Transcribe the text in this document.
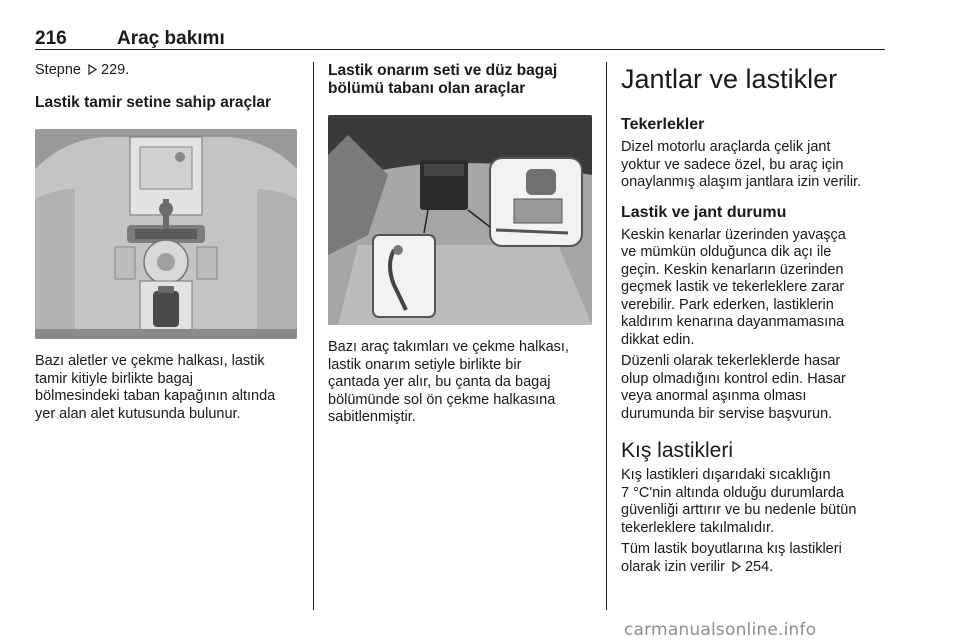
216	Araç bakımı
Stepne 229.
Lastik tamir setine sahip araçlar
Bazı aletler ve çekme halkası, lastik
tamir kitiyle birlikte bagaj
bölmesindeki taban kapağının altında
yer alan alet kutusunda bulunur.
Lastik onarım seti ve düz bagaj
bölümü tabanı olan araçlar
Bazı araç takımları ve çekme halkası,
lastik onarım setiyle birlikte bir
çantada yer alır, bu çanta da bagaj
bölümünde sol ön çekme halkasına
sabitlenmiştir.
Jantlar ve lastikler
Tekerlekler
Dizel motorlu araçlarda çelik jant
yoktur ve sadece özel, bu araç için
onaylanmış alaşım jantlara izin verilir.
Lastik ve jant durumu
Keskin kenarlar üzerinden yavaşça
ve mümkün olduğunca dik açı ile
geçin. Keskin kenarların üzerinden
geçmek lastik ve tekerleklere zarar
verebilir. Park ederken, lastiklerin
kaldırım kenarına dayanmamasına
dikkat edin.
Düzenli olarak tekerleklerde hasar
olup olmadığını kontrol edin. Hasar
veya anormal aşınma olması
durumunda bir servise başvurun.
Kış lastikleri
Kış lastikleri dışarıdaki sıcaklığın
7 °C'nin altında olduğu durumlarda
güvenliği arttırır ve bu nedenle bütün
tekerleklere takılmalıdır.
Tüm lastik boyutlarına kış lastikleri
olarak izin verilir 254.
carmanualsonline.info
